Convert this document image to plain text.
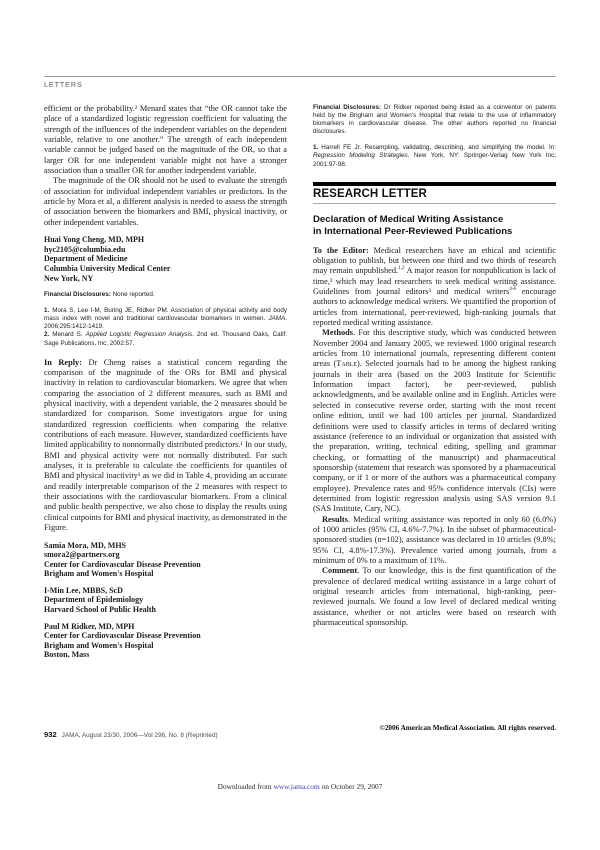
LETTERS

efficient or the probability.² Menard states that “the OR cannot take the place of a standardized logistic regression coefficient for valuating the strength of the influences of the independent variables on the dependent variable, relative to one another.” The strength of each independent variable cannot be judged based on the magnitude of the OR, so that a larger OR for one independent variable might not have a stronger association than a smaller OR for another independent variable.

The magnitude of the OR should not be used to evaluate the strength of association for individual independent variables or predictors. In the article by Mora et al, a different analysis is needed to assess the strength of association between the biomarkers and BMI, physical inactivity, or other independent variables.

Huai Yong Cheng, MD, MPH
hyc2105@columbia.edu
Department of Medicine
Columbia University Medical Center
New York, NY
Financial Disclosures: None reported.
1. Mora S, Lee I-M, Buring JE, Ridker PM. Association of physical activity and body mass index with novel and traditional cardiovascular biomarkers in women. JAMA. 2006;295:1412-1419.
2. Menard S. Applied Logistic Regression Analysis. 2nd ed. Thousand Oaks, Calif: Sage Publications, Inc; 2002:57.

In Reply: Dr Cheng raises a statistical concern regarding the comparison of the magnitude of the ORs for BMI and physical inactivity in relation to cardiovascular biomarkers. We agree that when comparing the association of 2 different measures, such as BMI and physical inactivity, with a dependent variable, the 2 measures should be standardized for comparison. Some investigators argue for using standardized regression coefficients when comparing the relative contributions of each measure. However, standardized coefficients have limited applicability to nonnormally distributed predictors.¹ In our study, BMI and physical activity were not normally distributed. For such analyses, it is preferable to calculate the coefficients for quantiles of BMI and physical inactivity¹ as we did in Table 4, providing an accurate and readily interpretable comparison of the 2 measures with respect to their associations with the cardiovascular biomarkers. From a clinical and public health perspective, we also chose to display the results using clinical cutpoints for BMI and physical inactivity, as demonstrated in the Figure.

Samia Mora, MD, MHS
smora2@partners.org
Center for Cardiovascular Disease Prevention
Brigham and Women's Hospital
I-Min Lee, MBBS, ScD
Department of Epidemiology
Harvard School of Public Health
Paul M Ridker, MD, MPH
Center for Cardiovascular Disease Prevention
Brigham and Women's Hospital
Boston, Mass
Financial Disclosures: Dr Ridker reported being listed as a coinventor on patents held by the Brigham and Women's Hospital that relate to the use of inflammatory biomarkers in cardiovascular disease. The other authors reported no financial disclosures.
1. Harrell FE Jr. Resampling, validating, describing, and simplifying the model. In: Regression Modeling Strategies. New York, NY: Springer-Verlag New York Inc; 2001:97-98.
RESEARCH LETTER
Declaration of Medical Writing Assistance
in International Peer-Reviewed Publications

To the Editor: Medical researchers have an ethical and scientific obligation to publish, but between one third and two thirds of research may remain unpublished.$^{1,2}$ A major reason for nonpublication is lack of time,³ which may lead researchers to seek medical writing assistance. Guidelines from journal editors³ and medical writers$^{4-6}$ encourage authors to acknowledge medical writers. We quantified the proportion of articles from international, peer-reviewed, high-ranking journals that reported medical writing assistance.

Methods. For this descriptive study, which was conducted between November 2004 and January 2005, we reviewed 1000 original research articles from 10 international journals, representing different content areas (Table). Selected journals had to be among the highest ranking journals in their area (based on the 2003 Institute for Scientific Information impact factor), be peer-reviewed, publish acknowledgments, and be available online and in English. Articles were selected in consecutive reverse order, starting with the most recent online edition, until we had 100 articles per journal. Standardized definitions were used to classify articles in terms of declared writing assistance (reference to an individual or organization that assisted with the preparation, writing, technical editing, spelling and grammar checking, or formatting of the manuscript) and pharmaceutical sponsorship (statement that research was sponsored by a pharmaceutical company, or if 1 or more of the authors was a pharmaceutical company employee). Prevalence rates and 95% confidence intervals (CIs) were determined from logistic regression analysis using SAS version 9.1 (SAS Institute, Cary, NC).

Results. Medical writing assistance was reported in only 60 (6.0%) of 1000 articles (95% CI, 4.6%-7.7%). In the subset of pharmaceutical-sponsored studies (n=102), assistance was declared in 10 articles (9.8%; 95% CI, 4.8%-17.3%). Prevalence varied among journals, from a minimum of 0% to a maximum of 11%.

Comment. To our knowledge, this is the first quantification of the prevalence of declared medical writing assistance in a large cohort of original research articles from international, high-ranking, peer-reviewed journals. We found a low level of declared medical writing assistance, whether or not articles were based on research with pharmaceutical sponsorship.

932 JAMA, August 23/30, 2006—Vol 296, No. 8 (Reprinted)
©2006 American Medical Association. All rights reserved.
Downloaded from www.jama.com on October 29, 2007
